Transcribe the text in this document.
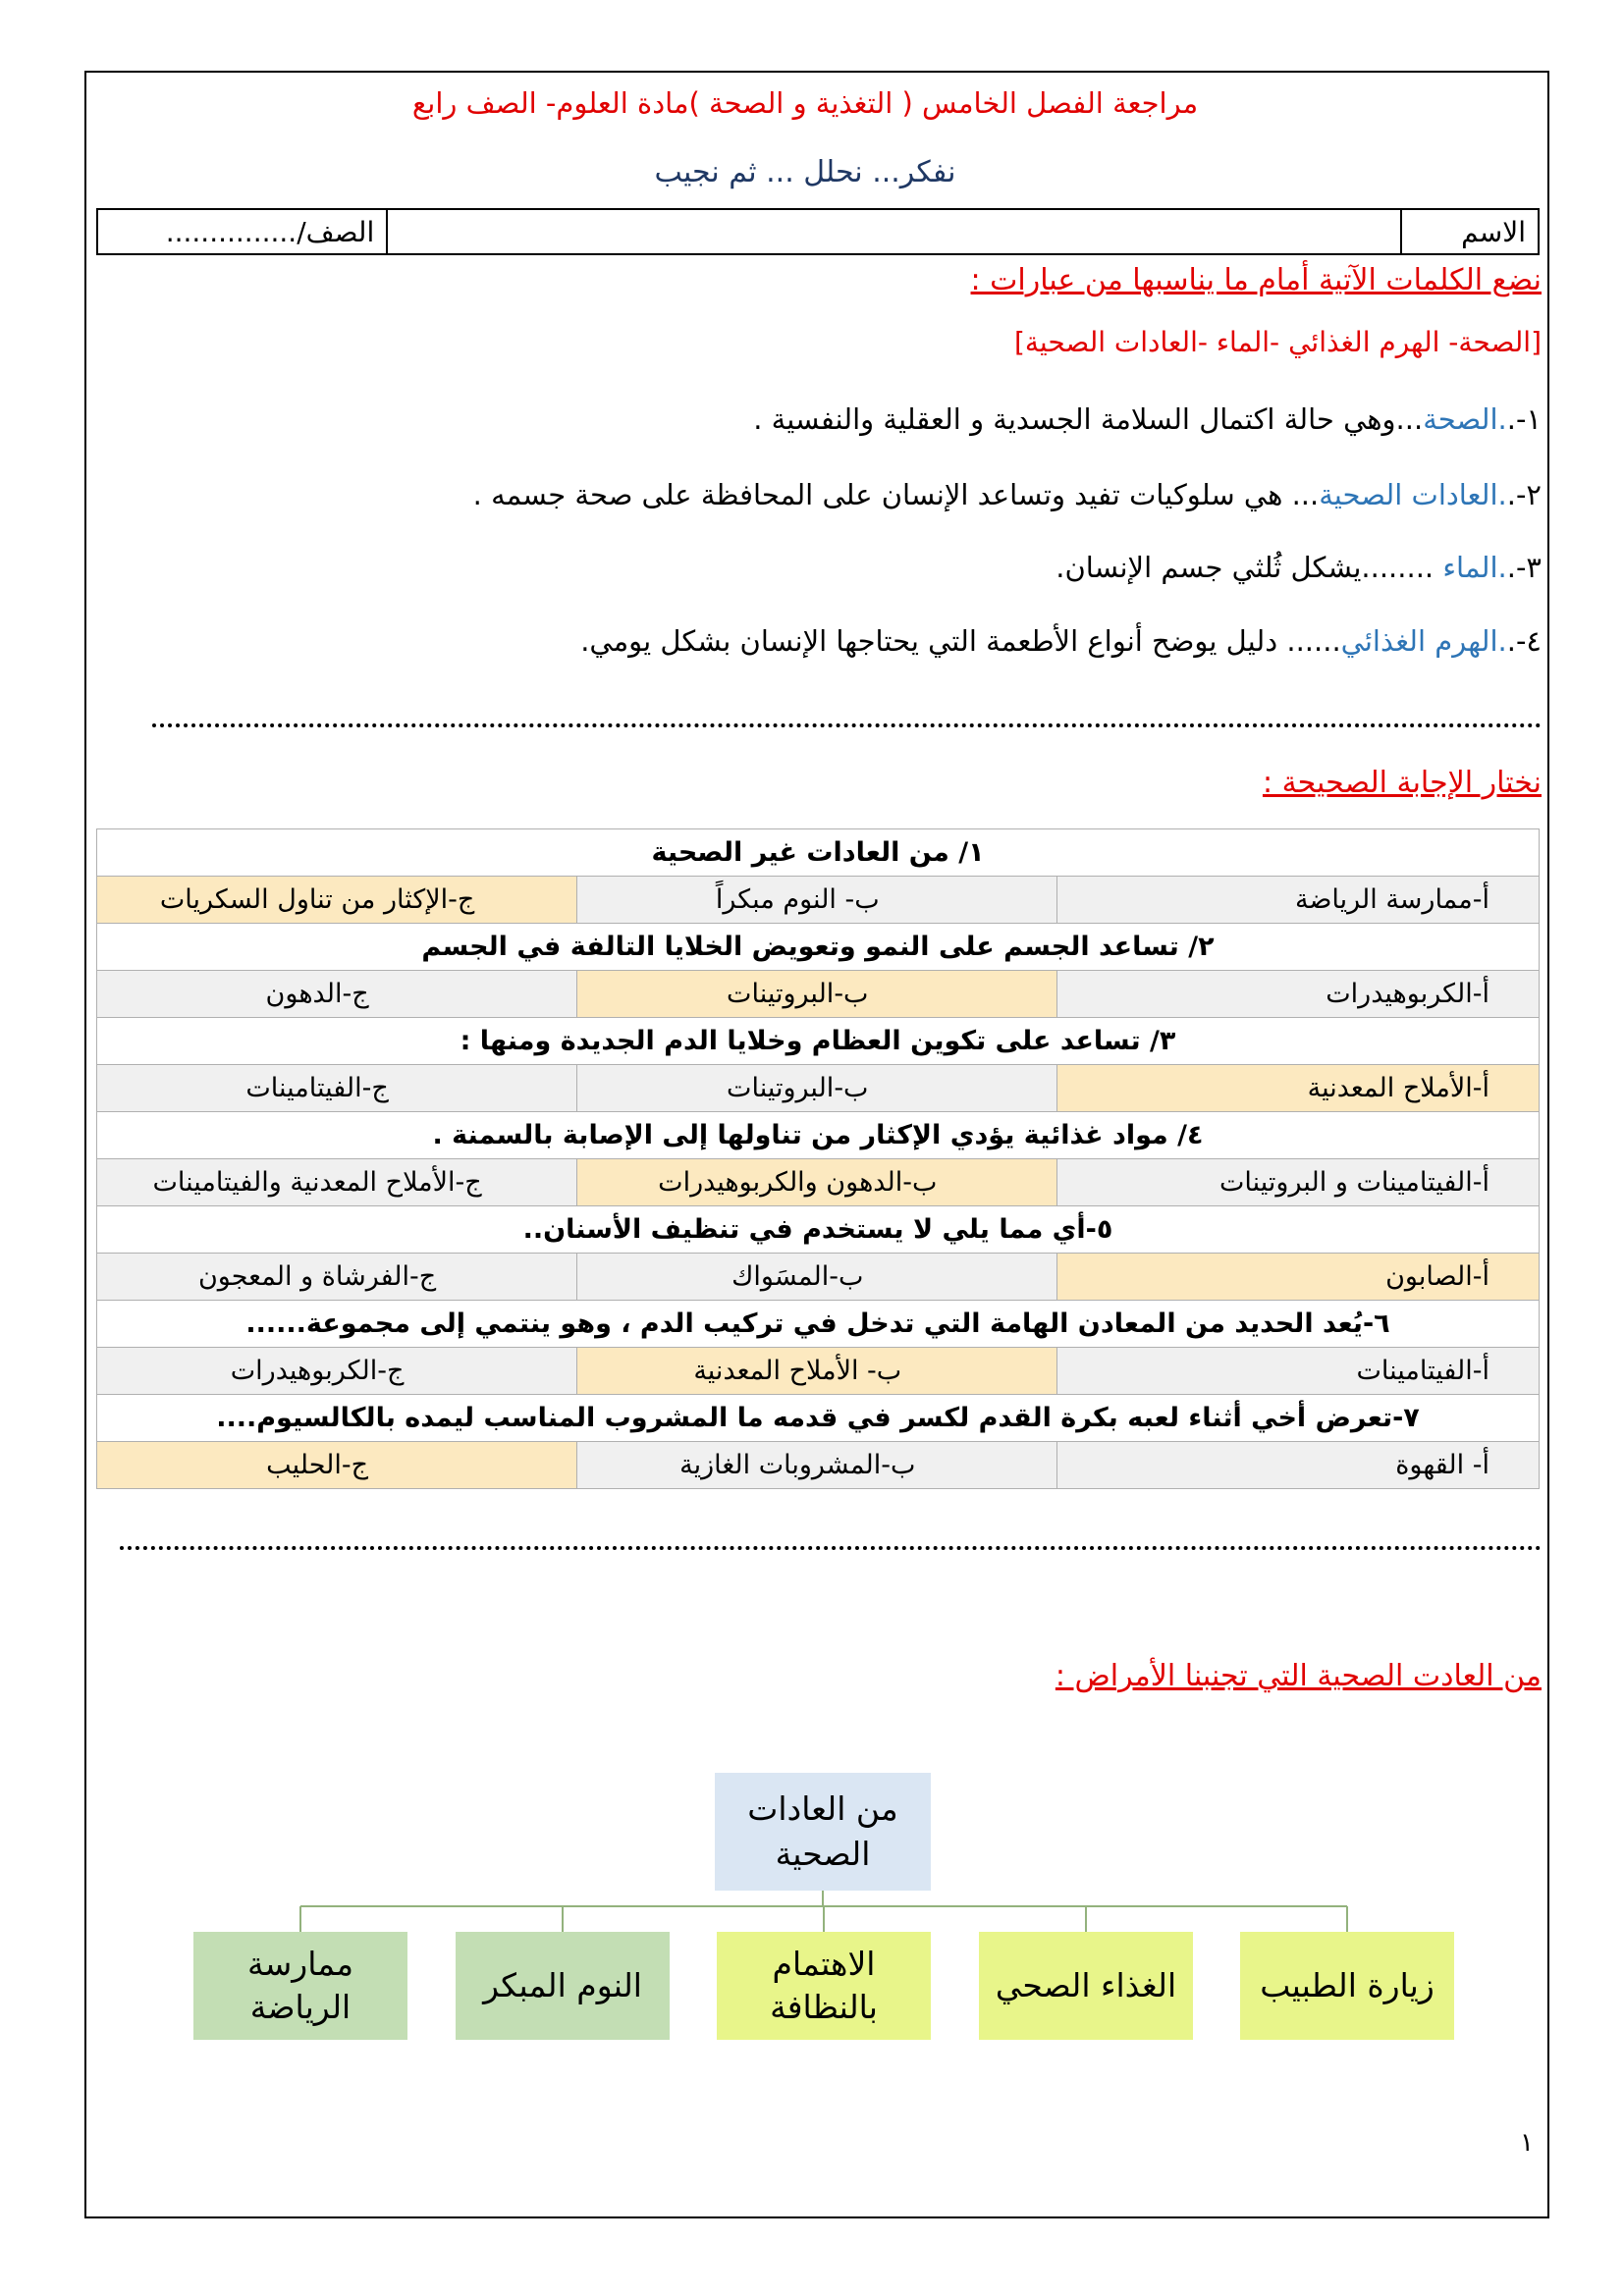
مراجعة الفصل الخامس ( التغذية و الصحة )مادة العلوم- الصف رابع
نفكر... نحلل ... ثم نجيب
الاسم
الصف/...............
نضع الكلمات الآتية أمام ما يناسبها من عبارات :
[الصحة- الهرم الغذائي -الماء -العادات الصحية]
١-..الصحة...وهي حالة اكتمال السلامة الجسدية و العقلية والنفسية .
٢-..العادات الصحية... هي سلوكيات تفيد وتساعد الإنسان على المحافظة على صحة جسمه .
٣-..الماء ........يشكل ثُلثي جسم الإنسان.
٤-..الهرم الغذائي...... دليل يوضح أنواع الأطعمة التي يحتاجها الإنسان بشكل يومي.
نختار الإجابة الصحيحة :
١/ من العادات غير الصحية		
أ-ممارسة الرياضة	ب- النوم مبكراً	ج-الإكثار من تناول السكريات
٢/ تساعد الجسم على النمو وتعويض الخلايا التالفة في الجسم		
أ-الكربوهيدرات	ب-البروتينات	ج-الدهون
٣/ تساعد على تكوين العظام وخلايا الدم الجديدة ومنها :		
أ-الأملاح المعدنية	ب-البروتينات	ج-الفيتامينات
٤/ مواد غذائية يؤدي الإكثار من تناولها إلى الإصابة بالسمنة .		
أ-الفيتامينات و البروتينات	ب-الدهون والكربوهيدرات	ج-الأملاح المعدنية والفيتامينات
٥-أي مما يلي لا يستخدم في تنظيف الأسنان..		
أ-الصابون	ب-المسَواك	ج-الفرشاة و المعجون
٦-يُعد الحديد من المعادن الهامة التي تدخل في تركيب الدم ، وهو ينتمي إلى مجموعة......		
أ-الفيتامينات	ب- الأملاح المعدنية	ج-الكربوهيدرات
٧-تعرض أخي أثناء لعبه بكرة القدم لكسر في قدمه ما المشروب المناسب ليمده بالكالسيوم....		
أ- القهوة	ب-المشروبات الغازية	ج-الحليب
من العادت الصحية التي تجنبنا الأمراض :
من العادات الصحية
زيارة الطبيب
الغذاء الصحي
الاهتمام بالنظافة
النوم المبكر
ممارسة الرياضة
١
